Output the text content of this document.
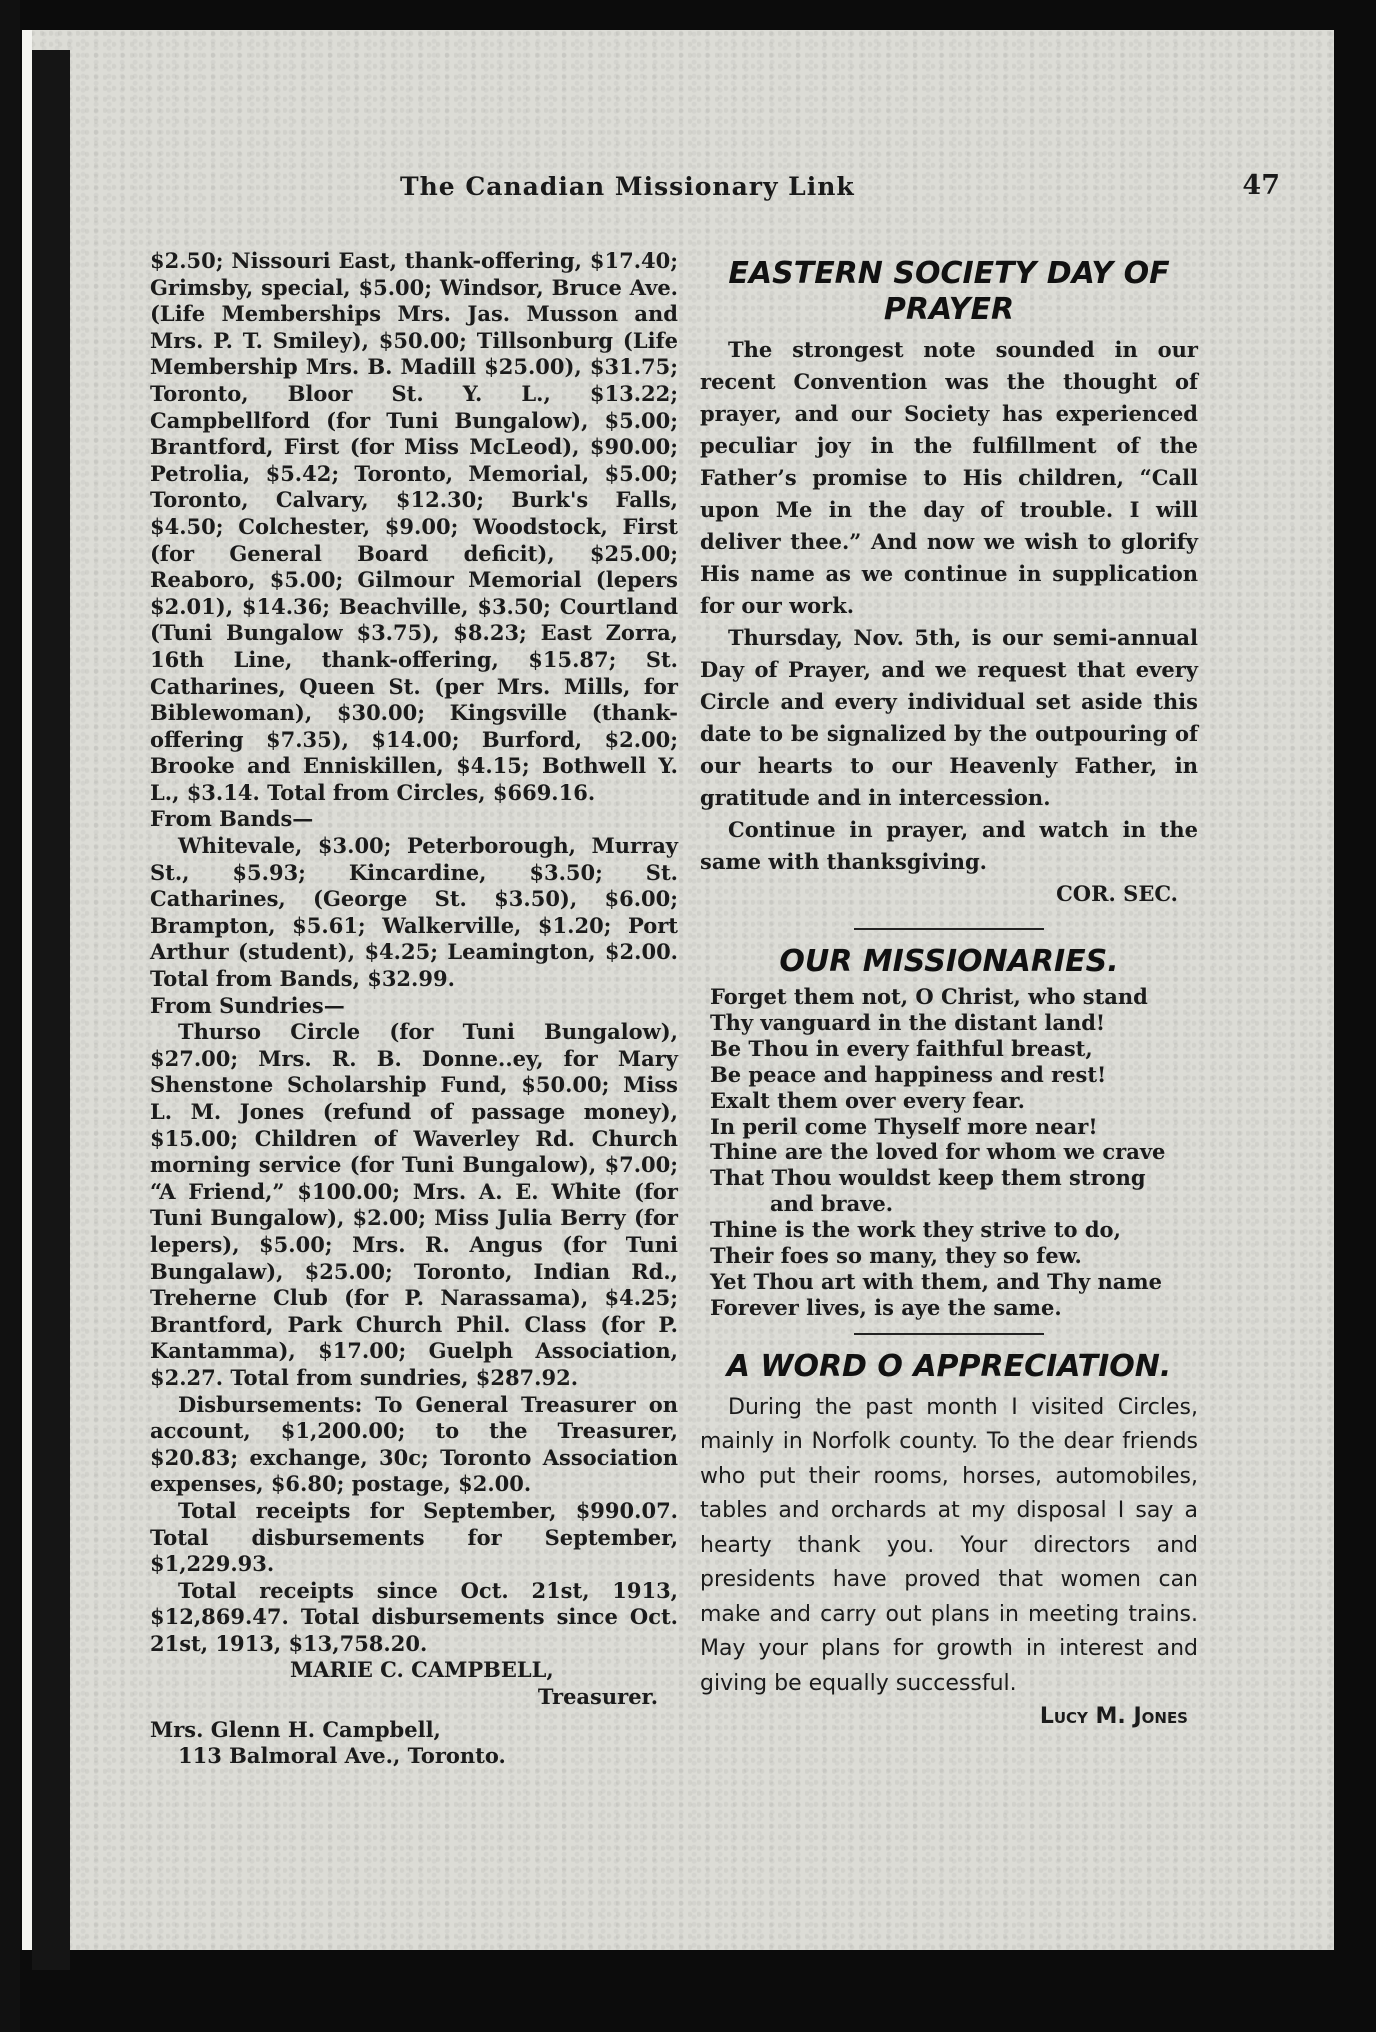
The Canadian Missionary Link	47

$2.50; Nissouri East, thank-offering, $17.40; Grimsby, special, $5.00; Windsor, Bruce Ave. (Life Memberships Mrs. Jas. Musson and Mrs. P. T. Smiley), $50.00; Tillsonburg (Life Membership Mrs. B. Madill $25.00), $31.75; Toronto, Bloor St. Y. L., $13.22; Campbellford (for Tuni Bungalow), $5.00; Brantford, First (for Miss McLeod), $90.00; Petrolia, $5.42; Toronto, Memorial, $5.00; Toronto, Calvary, $12.30; Burk's Falls, $4.50; Colchester, $9.00; Woodstock, First (for General Board deficit), $25.00; Reaboro, $5.00; Gilmour Memorial (lepers $2.01), $14.36; Beachville, $3.50; Courtland (Tuni Bungalow $3.75), $8.23; East Zorra, 16th Line, thank-offering, $15.87; St. Catharines, Queen St. (per Mrs. Mills, for Biblewoman), $30.00; Kingsville (thank-offering $7.35), $14.00; Burford, $2.00; Brooke and Enniskillen, $4.15; Bothwell Y. L., $3.14. Total from Circles, $669.16.

From Bands—

Whitevale, $3.00; Peterborough, Murray St., $5.93; Kincardine, $3.50; St. Catharines, (George St. $3.50), $6.00; Brampton, $5.61; Walkerville, $1.20; Port Arthur (student), $4.25; Leamington, $2.00. Total from Bands, $32.99.

From Sundries—

Thurso Circle (for Tuni Bungalow), $27.00; Mrs. R. B. Donne..ey, for Mary Shenstone Scholarship Fund, $50.00; Miss L. M. Jones (refund of passage money), $15.00; Children of Waverley Rd. Church morning service (for Tuni Bungalow), $7.00; “A Friend,” $100.00; Mrs. A. E. White (for Tuni Bungalow), $2.00; Miss Julia Berry (for lepers), $5.00; Mrs. R. Angus (for Tuni Bungalaw), $25.00; Toronto, Indian Rd., Treherne Club (for P. Narassama), $4.25; Brantford, Park Church Phil. Class (for P. Kantamma), $17.00; Guelph Association, $2.27. Total from sundries, $287.92.

Disbursements: To General Treasurer on account, $1,200.00; to the Treasurer, $20.83; exchange, 30c; Toronto Association expenses, $6.80; postage, $2.00.

Total receipts for September, $990.07. Total disbursements for September, $1,229.93.

Total receipts since Oct. 21st, 1913, $12,869.47. Total disbursements since Oct. 21st, 1913, $13,758.20.

MARIE C. CAMPBELL,

Treasurer.

Mrs. Glenn H. Campbell,

113 Balmoral Ave., Toronto.

EASTERN SOCIETY DAY OF

PRAYER

The strongest note sounded in our recent Convention was the thought of prayer, and our Society has experienced peculiar joy in the fulfillment of the Father’s promise to His children, “Call upon Me in the day of trouble. I will deliver thee.” And now we wish to glorify His name as we continue in supplication for our work.

Thursday, Nov. 5th, is our semi-annual Day of Prayer, and we request that every Circle and every individual set aside this date to be signalized by the outpouring of our hearts to our Heavenly Father, in gratitude and in intercession.

Continue in prayer, and watch in the same with thanksgiving.

COR. SEC.

OUR MISSIONARIES.

Forget them not, O Christ, who stand

Thy vanguard in the distant land!

Be Thou in every faithful breast,

Be peace and happiness and rest!

Exalt them over every fear.

In peril come Thyself more near!

Thine are the loved for whom we crave

That Thou wouldst keep them strong

and brave.

Thine is the work they strive to do,

Their foes so many, they so few.

Yet Thou art with them, and Thy name

Forever lives, is aye the same.

A WORD O APPRECIATION.

During the past month I visited Circles, mainly in Norfolk county. To the dear friends who put their rooms, horses, automobiles, tables and orchards at my disposal I say a hearty thank you. Your directors and presidents have proved that women can make and carry out plans in meeting trains. May your plans for growth in interest and giving be equally successful.

Lucy M. Jones
